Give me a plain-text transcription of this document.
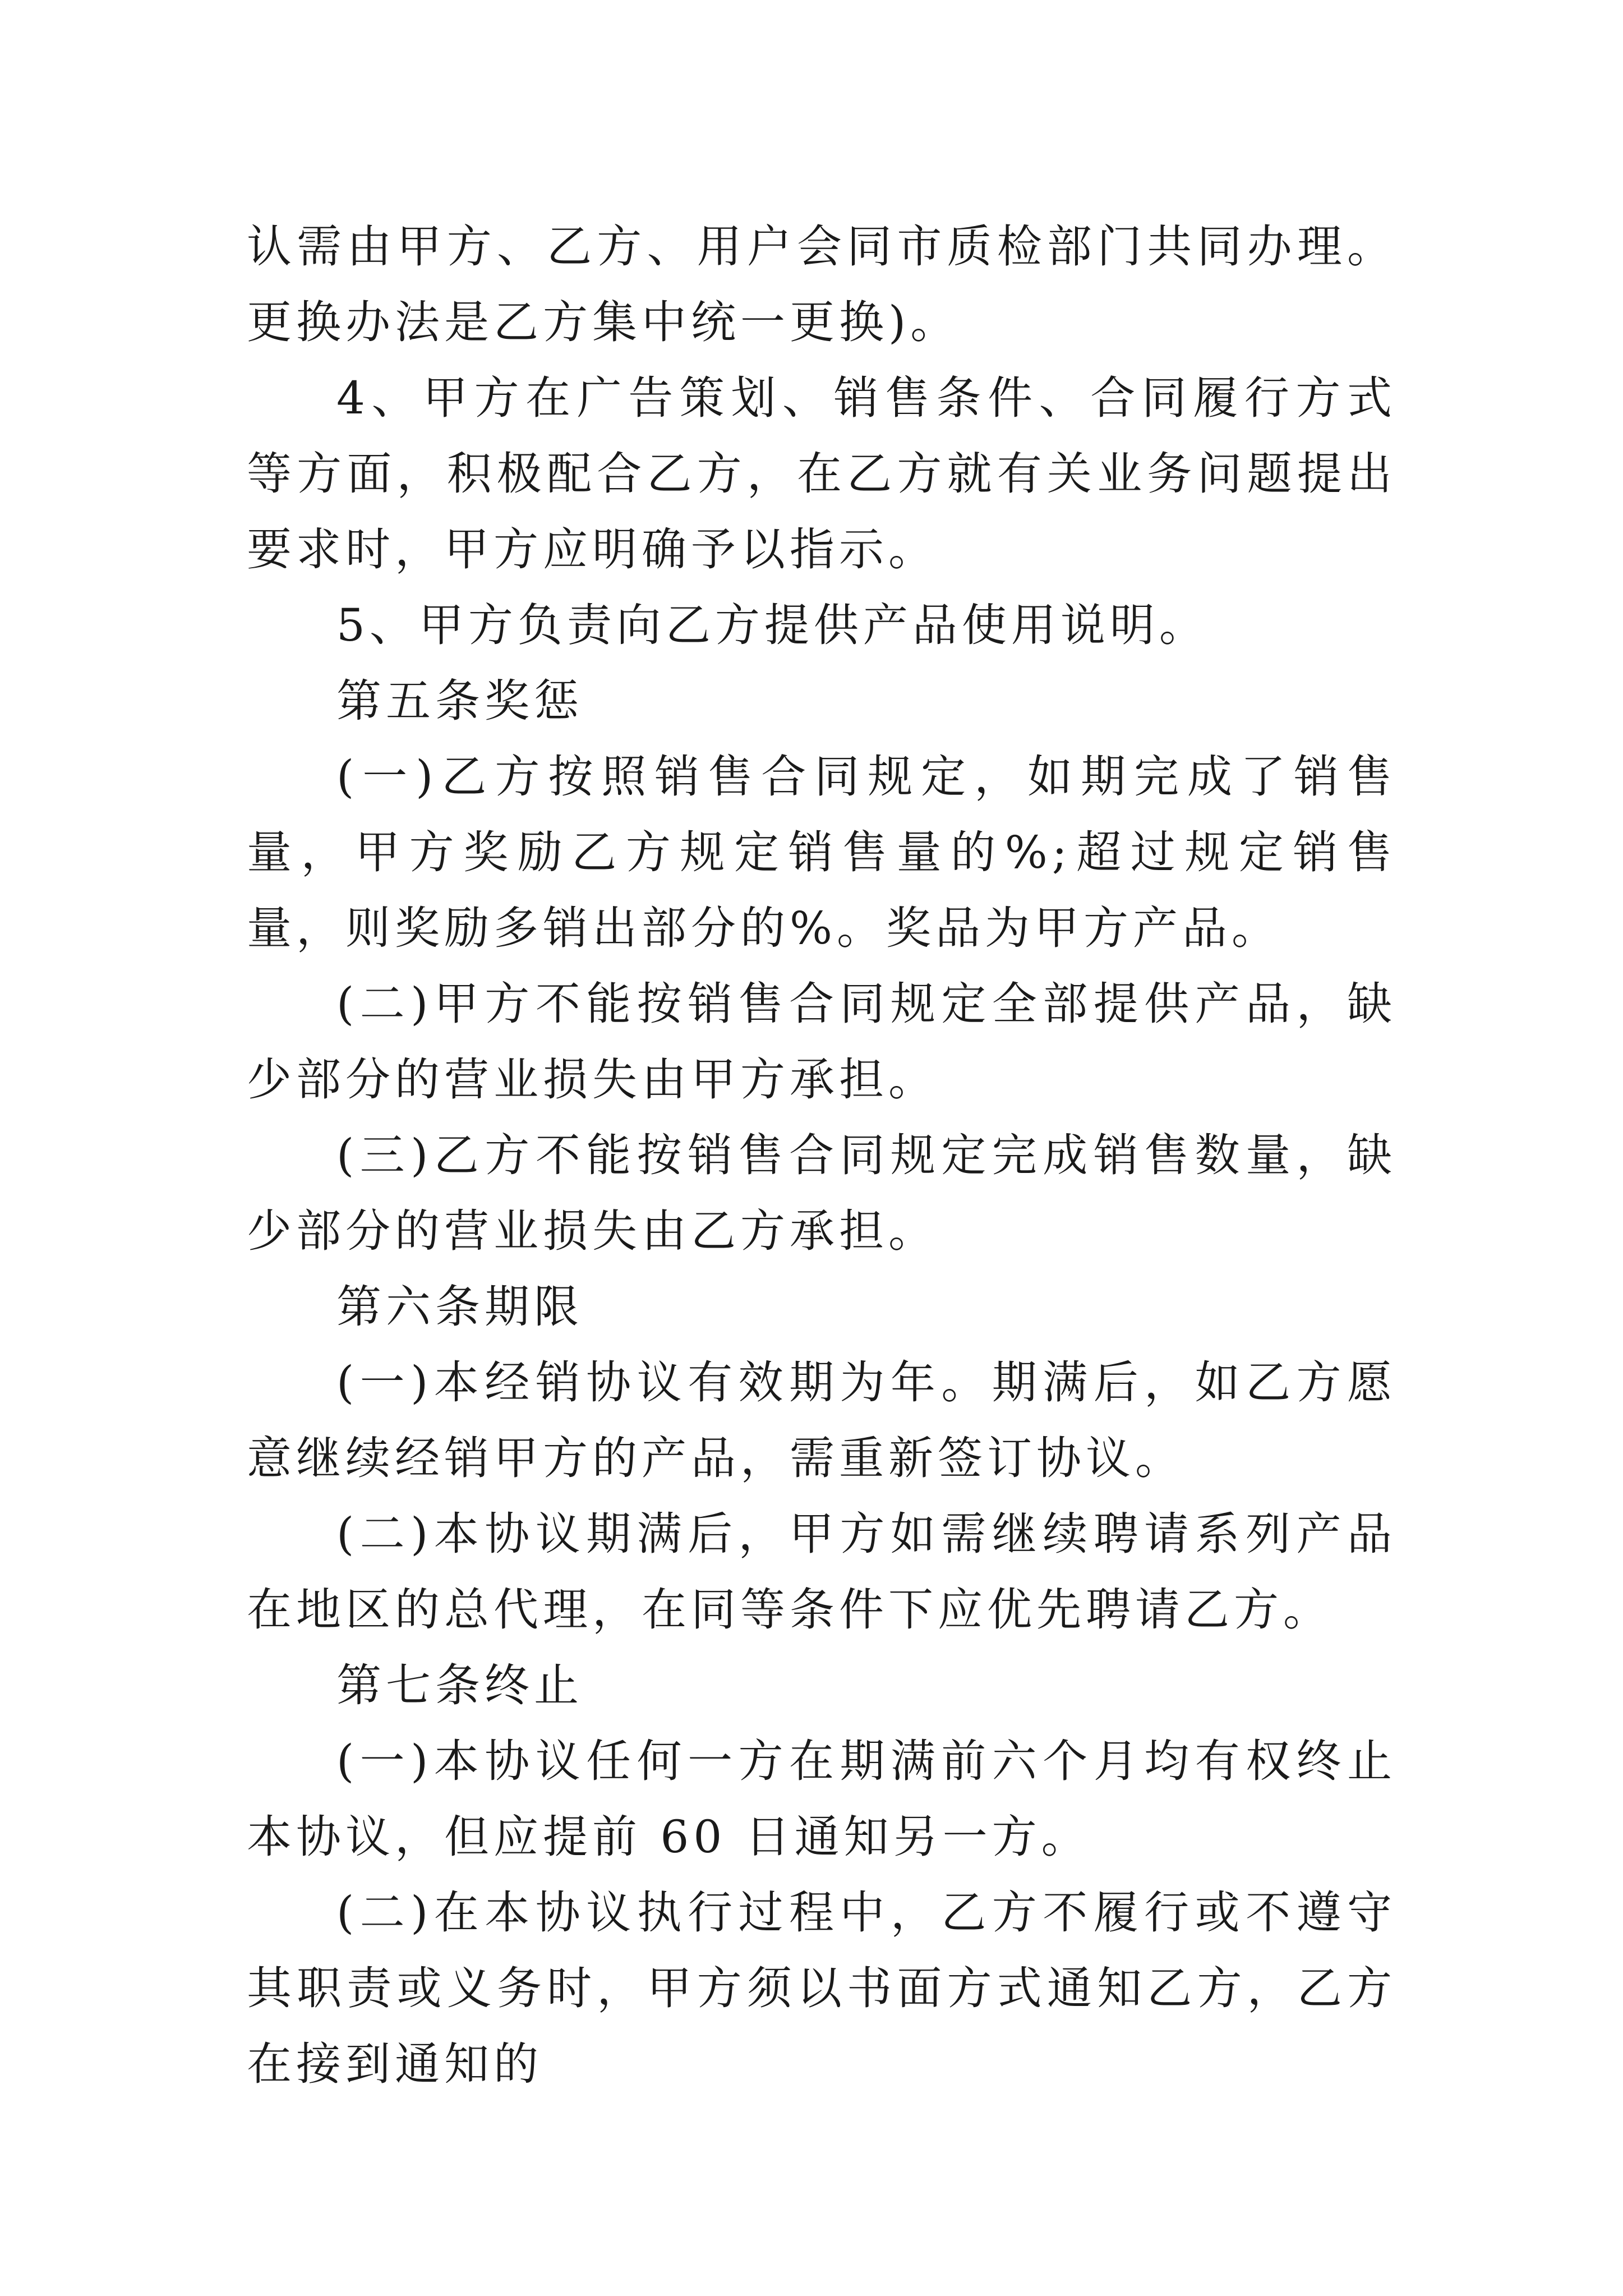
认需由甲方、乙方、用户会同市质检部门共同办理。更换办法是乙方集中统一更换)。

4、甲方在广告策划、销售条件、合同履行方式等方面，积极配合乙方，在乙方就有关业务问题提出要求时，甲方应明确予以指示。

5、甲方负责向乙方提供产品使用说明。

第五条奖惩

(一)乙方按照销售合同规定，如期完成了销售量，甲方奖励乙方规定销售量的%;超过规定销售量，则奖励多销出部分的%。奖品为甲方产品。

(二)甲方不能按销售合同规定全部提供产品，缺少部分的营业损失由甲方承担。

(三)乙方不能按销售合同规定完成销售数量，缺少部分的营业损失由乙方承担。

第六条期限

(一)本经销协议有效期为年。期满后，如乙方愿意继续经销甲方的产品，需重新签订协议。

(二)本协议期满后，甲方如需继续聘请系列产品在地区的总代理，在同等条件下应优先聘请乙方。

第七条终止

(一)本协议任何一方在期满前六个月均有权终止本协议，但应提前 60 日通知另一方。

(二)在本协议执行过程中，乙方不履行或不遵守其职责或义务时，甲方须以书面方式通知乙方，乙方在接到通知的
